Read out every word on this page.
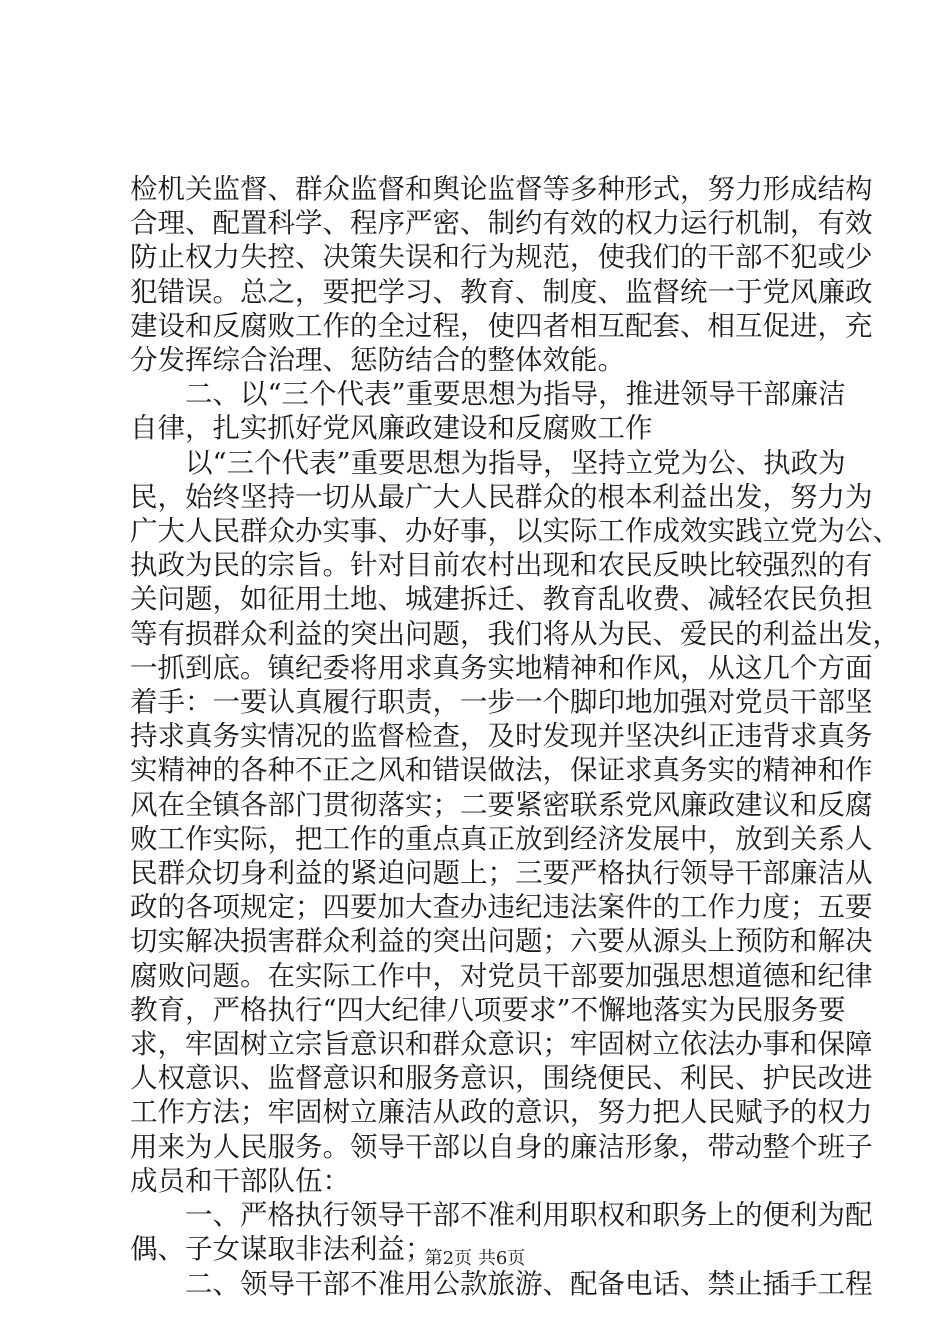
检机关监督、群众监督和舆论监督等多种形式，努力形成结构
合理、配置科学、程序严密、制约有效的权力运行机制，有效
防止权力失控、决策失误和行为规范，使我们的干部不犯或少
犯错误。总之，要把学习、教育、制度、监督统一于党风廉政
建设和反腐败工作的全过程，使四者相互配套、相互促进，充
分发挥综合治理、惩防结合的整体效能。
　　二、以“三个代表”重要思想为指导，推进领导干部廉洁
自律，扎实抓好党风廉政建设和反腐败工作
　　以“三个代表”重要思想为指导，坚持立党为公、执政为
民，始终坚持一切从最广大人民群众的根本利益出发，努力为
广大人民群众办实事、办好事，以实际工作成效实践立党为公、
执政为民的宗旨。针对目前农村出现和农民反映比较强烈的有
关问题，如征用土地、城建拆迁、教育乱收费、减轻农民负担
等有损群众利益的突出问题，我们将从为民、爱民的利益出发，
一抓到底。镇纪委将用求真务实地精神和作风，从这几个方面
着手：一要认真履行职责，一步一个脚印地加强对党员干部坚
持求真务实情况的监督检查，及时发现并坚决纠正违背求真务
实精神的各种不正之风和错误做法，保证求真务实的精神和作
风在全镇各部门贯彻落实；二要紧密联系党风廉政建议和反腐
败工作实际，把工作的重点真正放到经济发展中，放到关系人
民群众切身利益的紧迫问题上；三要严格执行领导干部廉洁从
政的各项规定；四要加大查办违纪违法案件的工作力度；五要
切实解决损害群众利益的突出问题；六要从源头上预防和解决
腐败问题。在实际工作中，对党员干部要加强思想道德和纪律
教育，严格执行“四大纪律八项要求”不懈地落实为民服务要
求，牢固树立宗旨意识和群众意识；牢固树立依法办事和保障
人权意识、监督意识和服务意识，围绕便民、利民、护民改进
工作方法；牢固树立廉洁从政的意识，努力把人民赋予的权力
用来为人民服务。领导干部以自身的廉洁形象，带动整个班子
成员和干部队伍：
　　一、严格执行领导干部不准利用职权和职务上的便利为配
偶、子女谋取非法利益；
　　二、领导干部不准用公款旅游、配备电话、禁止插手工程
第2页 共6页
